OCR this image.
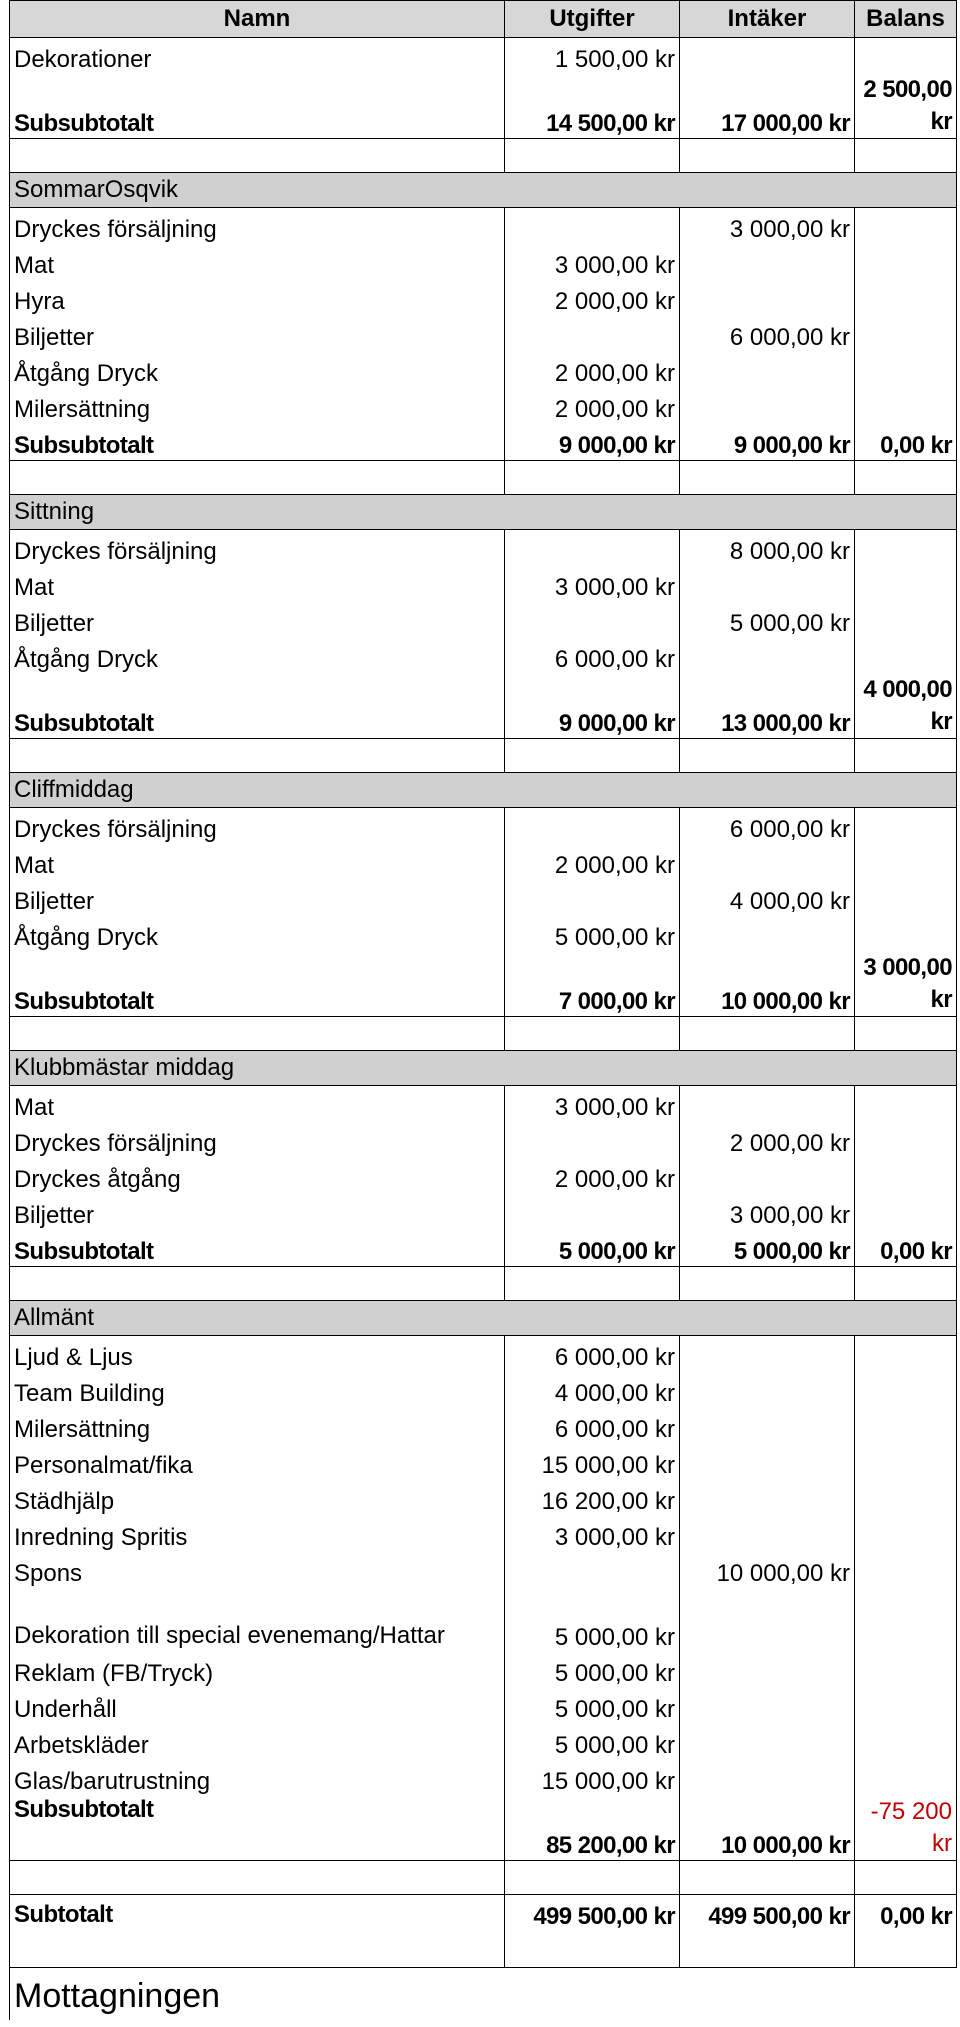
Namn	Utgifter	Intäker	Balans
Dekorationer	1 500,00 kr		
Subsubtotalt	14 500,00 kr	17 000,00 kr	2 500,00 kr

SommarOsqvik			
Dryckes försäljning		3 000,00 kr	
Mat	3 000,00 kr		
Hyra	2 000,00 kr		
Biljetter		6 000,00 kr	
Åtgång Dryck	2 000,00 kr		
Milersättning	2 000,00 kr		
Subsubtotalt	9 000,00 kr	9 000,00 kr	0,00 kr

Sittning			
Dryckes försäljning		8 000,00 kr	
Mat	3 000,00 kr		
Biljetter		5 000,00 kr	
Åtgång Dryck	6 000,00 kr		
Subsubtotalt	9 000,00 kr	13 000,00 kr	4 000,00 kr

Cliffmiddag			
Dryckes försäljning		6 000,00 kr	
Mat	2 000,00 kr		
Biljetter		4 000,00 kr	
Åtgång Dryck	5 000,00 kr		
Subsubtotalt	7 000,00 kr	10 000,00 kr	3 000,00 kr

Klubbmästar middag			
Mat	3 000,00 kr		
Dryckes försäljning		2 000,00 kr	
Dryckes åtgång	2 000,00 kr		
Biljetter		3 000,00 kr	
Subsubtotalt	5 000,00 kr	5 000,00 kr	0,00 kr

Allmänt			
Ljud & Ljus	6 000,00 kr		
Team Building	4 000,00 kr		
Milersättning	6 000,00 kr		
Personalmat/fika	15 000,00 kr		
Städhjälp	16 200,00 kr		
Inredning Spritis	3 000,00 kr		
Spons		10 000,00 kr	
Dekoration till special evenemang/Hattar	5 000,00 kr		
Reklam (FB/Tryck)	5 000,00 kr		
Underhåll	5 000,00 kr		
Arbetskläder	5 000,00 kr		
Glas/barutrustning	15 000,00 kr		
Subsubtotalt	85 200,00 kr	10 000,00 kr	-75 200 kr

Subtotalt	499 500,00 kr	499 500,00 kr	0,00 kr
Mottagningen
